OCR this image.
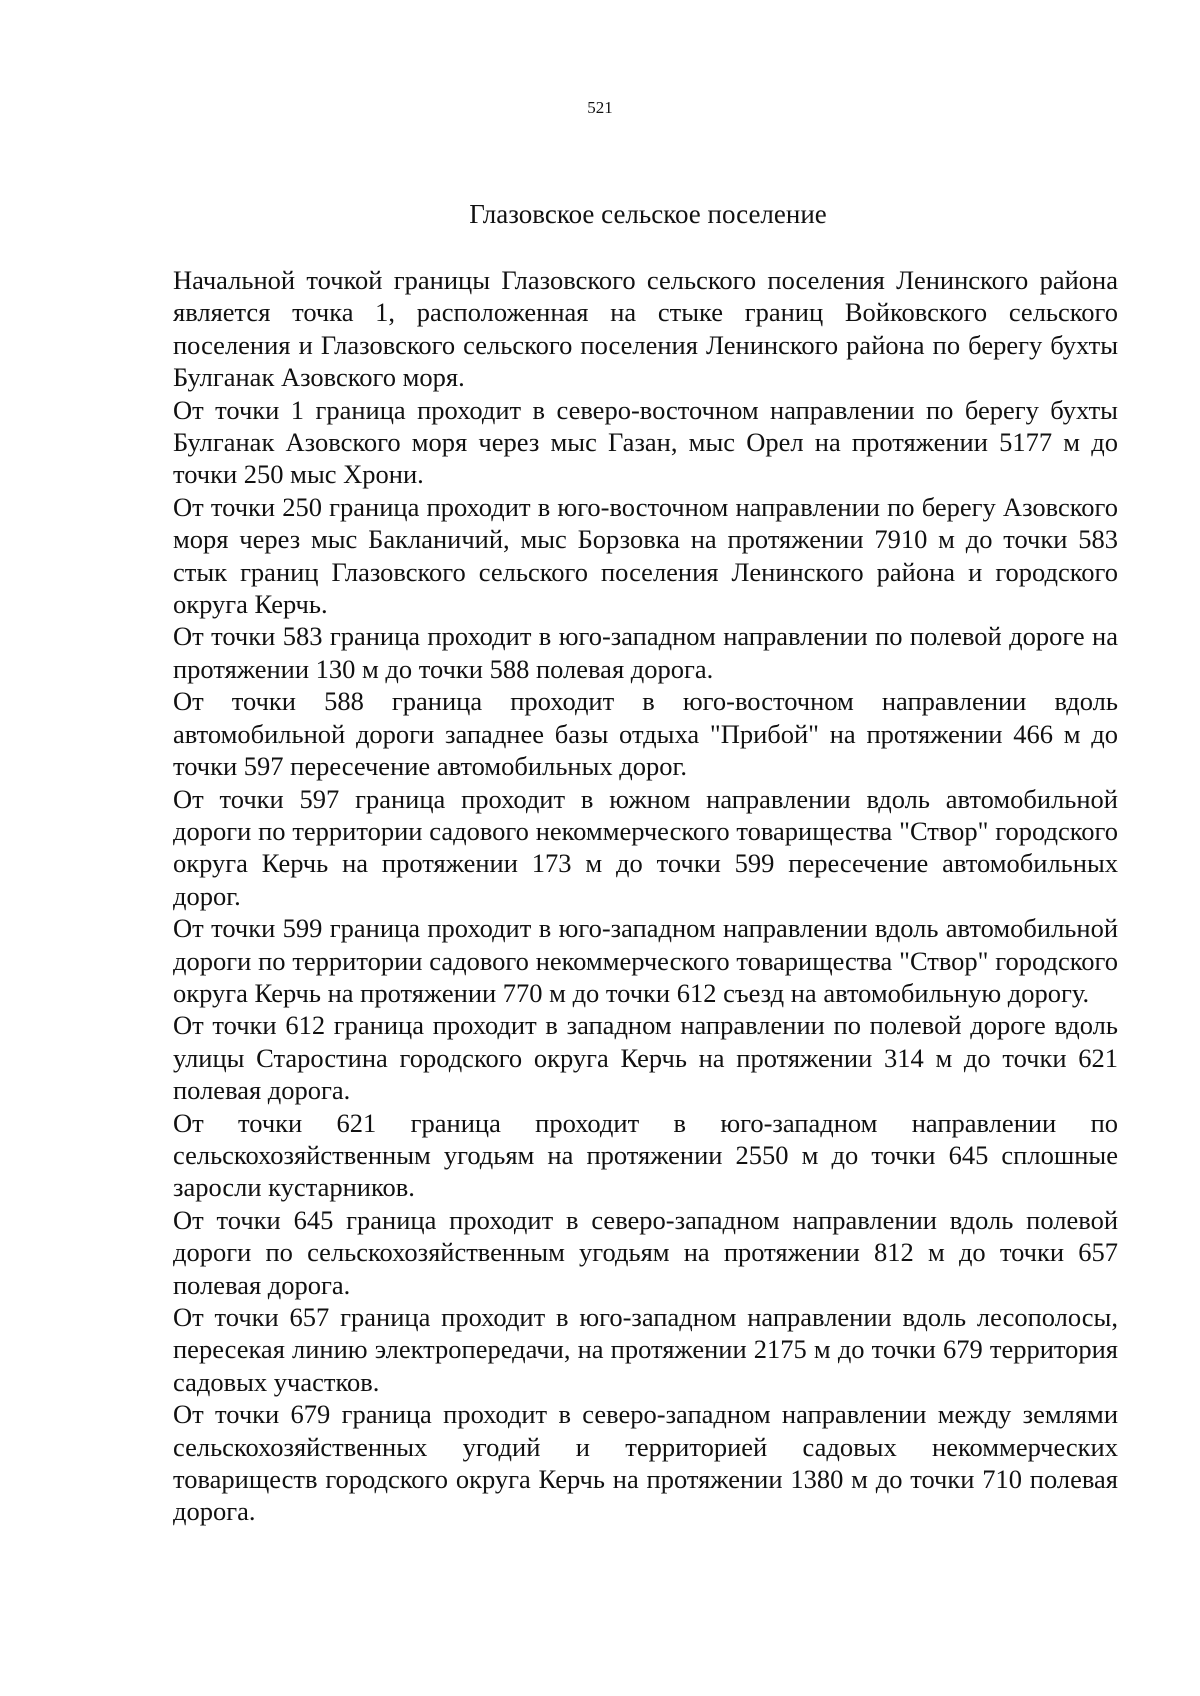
521
Глазовское сельское поселение

Начальной точкой границы Глазовского сельского поселения Ленинского района является точка 1, расположенная на стыке границ Войковского сельского поселения и Глазовского сельского поселения Ленинского района по берегу бухты Булганак Азовского моря.

От точки 1 граница проходит в северо-восточном направлении по берегу бухты Булганак Азовского моря через мыс Газан, мыс Орел на протяжении 5177 м до точки 250 мыс Хрони.

От точки 250 граница проходит в юго-восточном направлении по берегу Азовского моря через мыс Бакланичий, мыс Борзовка на протяжении 7910 м до точки 583 стык границ Глазовского сельского поселения Ленинского района и городского округа Керчь.

От точки 583 граница проходит в юго-западном направлении по полевой дороге на протяжении 130 м до точки 588 полевая дорога.

От точки 588 граница проходит в юго-восточном направлении вдоль автомобильной дороги западнее базы отдыха "Прибой" на протяжении 466 м до точки 597 пересечение автомобильных дорог.

От точки 597 граница проходит в южном направлении вдоль автомобильной дороги по территории садового некоммерческого товарищества "Створ" городского округа Керчь на протяжении 173 м до точки 599 пересечение автомобильных дорог.

От точки 599 граница проходит в юго-западном направлении вдоль автомобильной дороги по территории садового некоммерческого товарищества "Створ" городского округа Керчь на протяжении 770 м до точки 612 съезд на автомобильную дорогу.

От точки 612 граница проходит в западном направлении по полевой дороге вдоль улицы Старостина городского округа Керчь на протяжении 314 м до точки 621 полевая дорога.

От точки 621 граница проходит в юго-западном направлении по сельскохозяйственным угодьям на протяжении 2550 м до точки 645 сплошные заросли кустарников.

От точки 645 граница проходит в северо-западном направлении вдоль полевой дороги по сельскохозяйственным угодьям на протяжении 812 м до точки 657 полевая дорога.

От точки 657 граница проходит в юго-западном направлении вдоль лесополосы, пересекая линию электропередачи, на протяжении 2175 м до точки 679 территория садовых участков.

От точки 679 граница проходит в северо-западном направлении между землями сельскохозяйственных угодий и территорией садовых некоммерческих товариществ городского округа Керчь на протяжении 1380 м до точки 710 полевая дорога.
